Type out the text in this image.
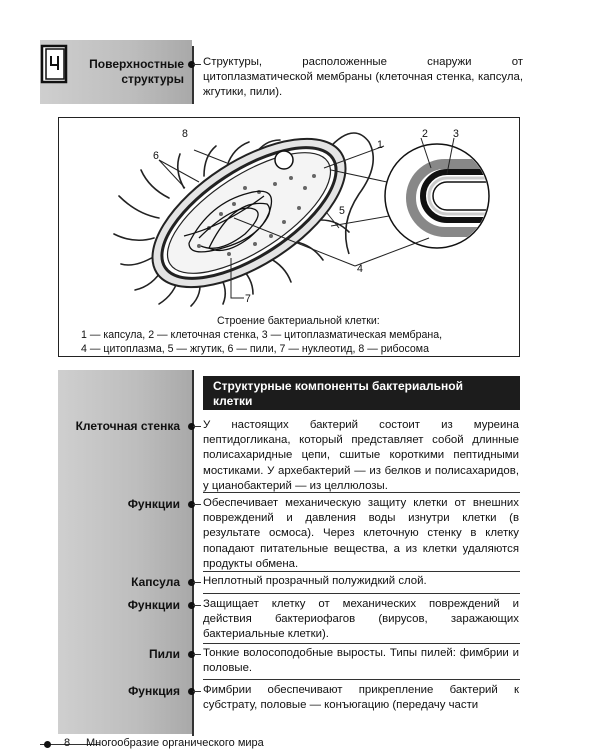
Поверхностные
структуры
Структуры, расположенные снаружи от цитоплазматической мембраны (клеточная стенка, капсула, жгутики, пили).
8
6
1
2 3
5
4
7
Строение бактериальной клетки:
1 — капсула, 2 — клеточная стенка, 3 — цитоплазматическая мембрана,
4 — цитоплазма, 5 — жгутик, 6 — пили, 7 — нуклеотид, 8 — рибосома
Структурные компоненты бактериальной
клетки
Клеточная стенка У настоящих бактерий состоит из муреина пептидогликана, который представляет собой длинные полисахаридные цепи, сшитые короткими пептидными мостиками. У архебактерий — из белков и полисахаридов, у цианобактерий — из целлюлозы.
Функции Обеспечивает механическую защиту клетки от внешних повреждений и давления воды изнутри клетки (в результате осмоса). Через клеточную стенку в клетку попадают питательные вещества, а из клетки удаляются продукты обмена.
Капсула Неплотный прозрачный полужидкий слой.
Функции Защищает клетку от механических повреждений и действия бактериофагов (вирусов, заражающих бактериальные клетки).
Пили Тонкие волосоподобные выросты. Типы пилей: фимбрии и половые.
Функция Фимбрии обеспечивают прикрепление бактерий к субстрату, половые — конъюгацию (передачу части
8 Многообразие органического мира
